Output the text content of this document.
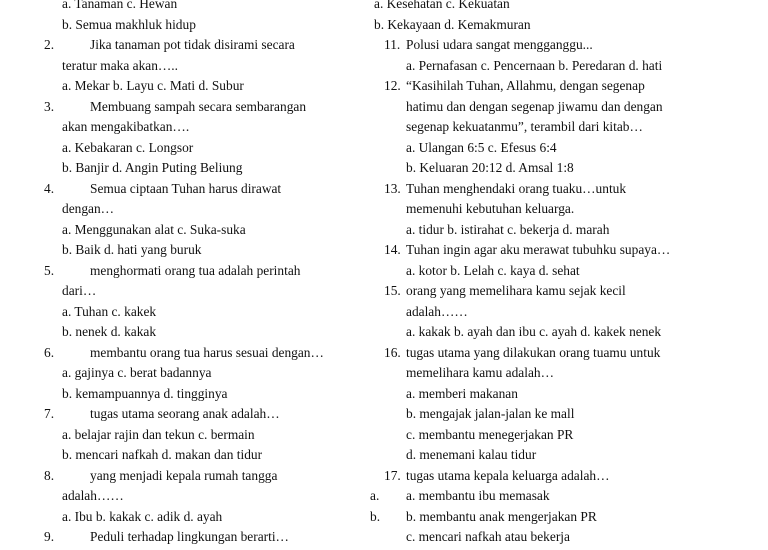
a. Tanaman c. Hewan
b. Semua makhluk hidup
2.	Jika tanaman pot tidak disirami secara
teratur maka akan…..
a. Mekar b. Layu c. Mati d. Subur
3.	Membuang sampah secara sembarangan
akan mengakibatkan….
a. Kebakaran c. Longsor
b. Banjir d. Angin Puting Beliung
4.	Semua ciptaan Tuhan harus dirawat
dengan…
a. Menggunakan alat c. Suka-suka
b. Baik d. hati yang buruk
5.	menghormati orang tua adalah perintah
dari…
a. Tuhan c. kakek
b. nenek d. kakak
6.	membantu orang tua harus sesuai dengan…
a. gajinya c. berat badannya
b. kemampuannya d. tingginya
7.	tugas utama seorang anak adalah…
a. belajar rajin dan tekun c. bermain
b. mencari nafkah d. makan dan tidur
8.	yang menjadi kepala rumah tangga
adalah……
a. Ibu b. kakak c. adik d. ayah
9.	Peduli terhadap lingkungan berarti…
a. Kesehatan c. Kekuatan
b. Kekayaan d. Kemakmuran
11. Polusi udara sangat mengganggu...
a. Pernafasan c. Pencernaan b. Peredaran d. hati
12. “Kasihilah Tuhan, Allahmu, dengan segenap
hatimu dan dengan segenap jiwamu dan dengan
segenap kekuatanmu”, terambil dari kitab…
a. Ulangan 6:5 c. Efesus 6:4
b. Keluaran 20:12 d. Amsal 1:8
13. Tuhan menghendaki orang tuaku…untuk
memenuhi kebutuhan keluarga.
a. tidur b. istirahat c. bekerja d. marah
14. Tuhan ingin agar aku merawat tubuhku supaya…
a. kotor b. Lelah c. kaya d. sehat
15. orang yang memelihara kamu sejak kecil
adalah……
a. kakak b. ayah dan ibu c. ayah d. kakek nenek
16. tugas utama yang dilakukan orang tuamu untuk
memelihara kamu adalah…
a. memberi makanan
b. mengajak jalan-jalan ke mall
c. membantu menegerjakan PR
d. menemani kalau tidur
17. tugas utama kepala keluarga adalah…
a. a. membantu ibu memasak
b. b. membantu anak mengerjakan PR
c. mencari nafkah atau bekerja
